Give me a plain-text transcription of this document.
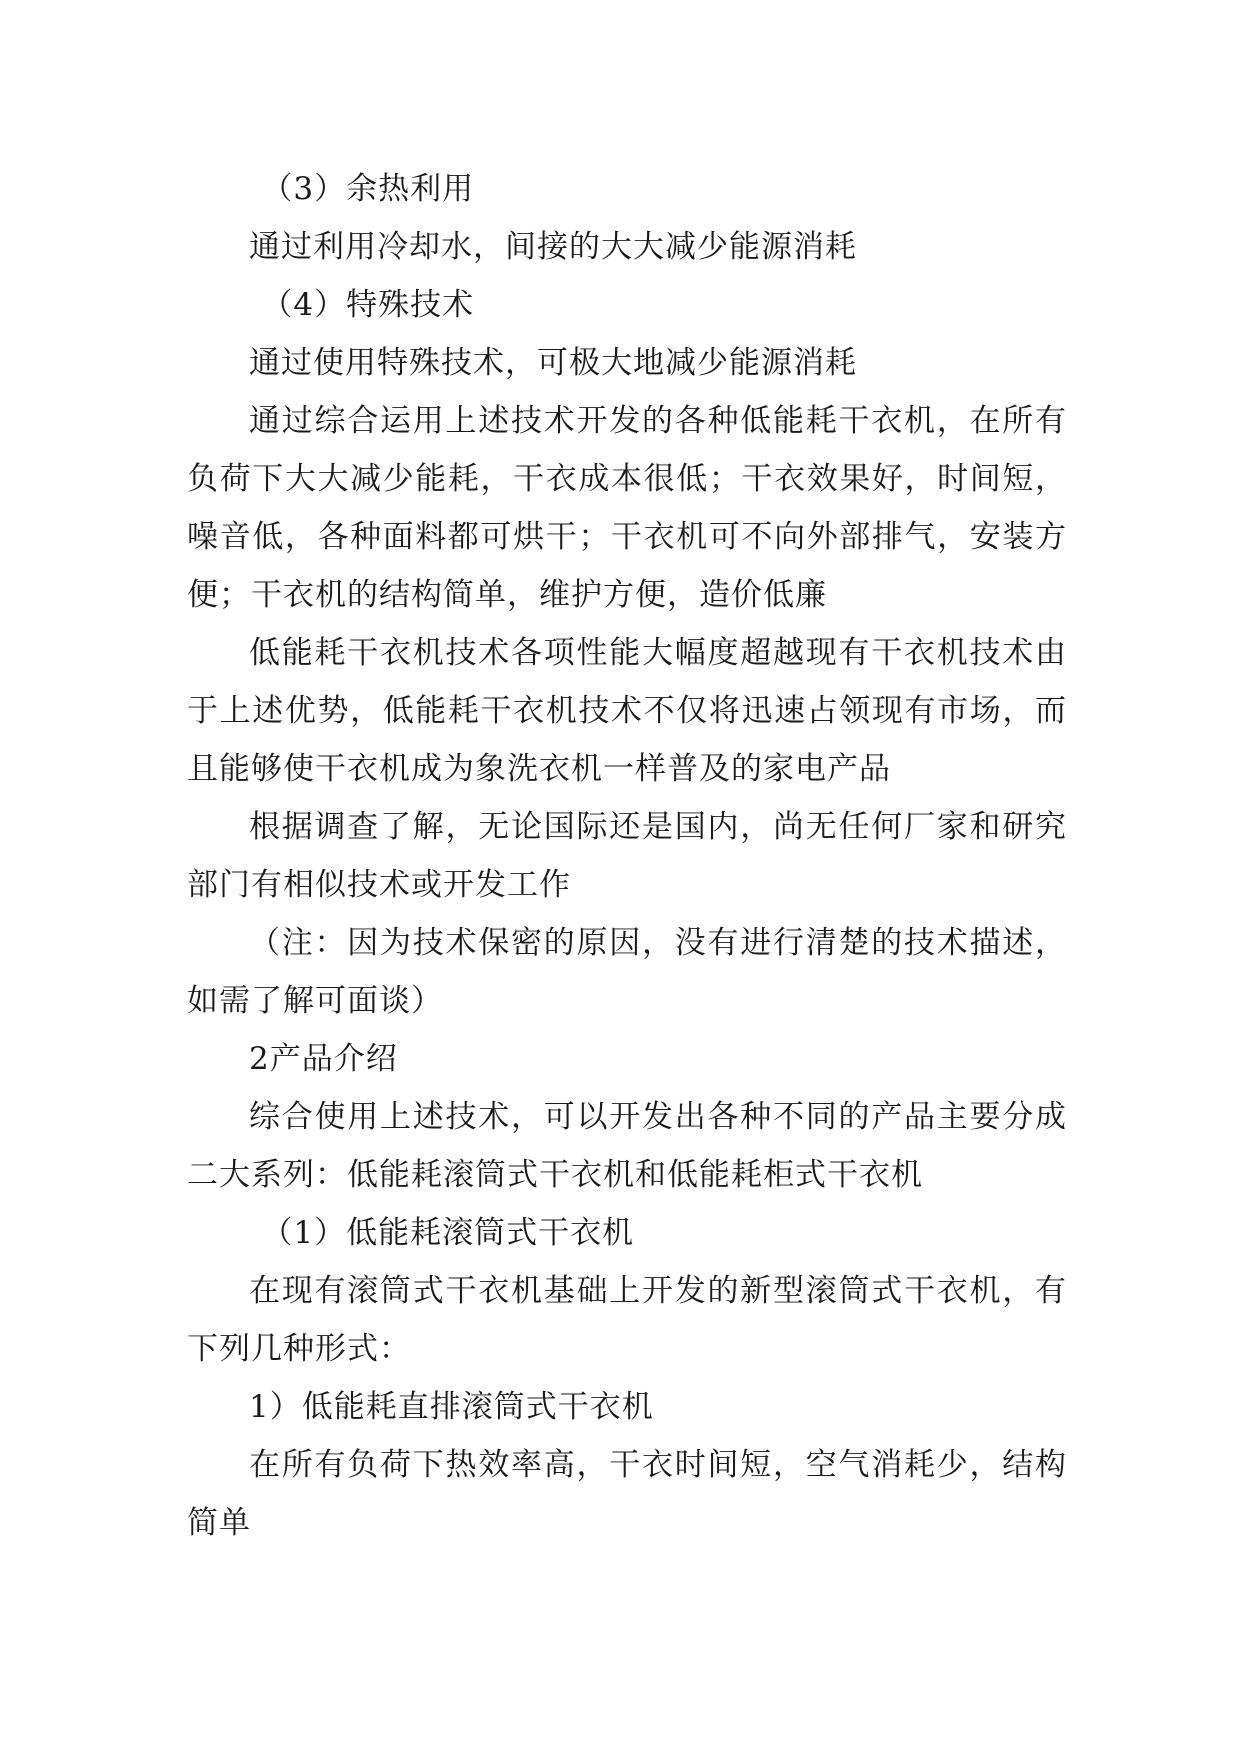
（3）余热利用

通过利用冷却水，间接的大大减少能源消耗

（4）特殊技术

通过使用特殊技术，可极大地减少能源消耗

通过综合运用上述技术开发的各种低能耗干衣机，在所有负荷下大大减少能耗，干衣成本很低；干衣效果好，时间短，噪音低，各种面料都可烘干；干衣机可不向外部排气，安装方便；干衣机的结构简单，维护方便，造价低廉

低能耗干衣机技术各项性能大幅度超越现有干衣机技术由于上述优势，低能耗干衣机技术不仅将迅速占领现有市场，而且能够使干衣机成为象洗衣机一样普及的家电产品

根据调查了解，无论国际还是国内，尚无任何厂家和研究部门有相似技术或开发工作

（注：因为技术保密的原因，没有进行清楚的技术描述，如需了解可面谈）

2产品介绍

综合使用上述技术，可以开发出各种不同的产品主要分成二大系列：低能耗滚筒式干衣机和低能耗柜式干衣机

（1）低能耗滚筒式干衣机

在现有滚筒式干衣机基础上开发的新型滚筒式干衣机，有下列几种形式：

1）低能耗直排滚筒式干衣机

在所有负荷下热效率高，干衣时间短，空气消耗少，结构简单
